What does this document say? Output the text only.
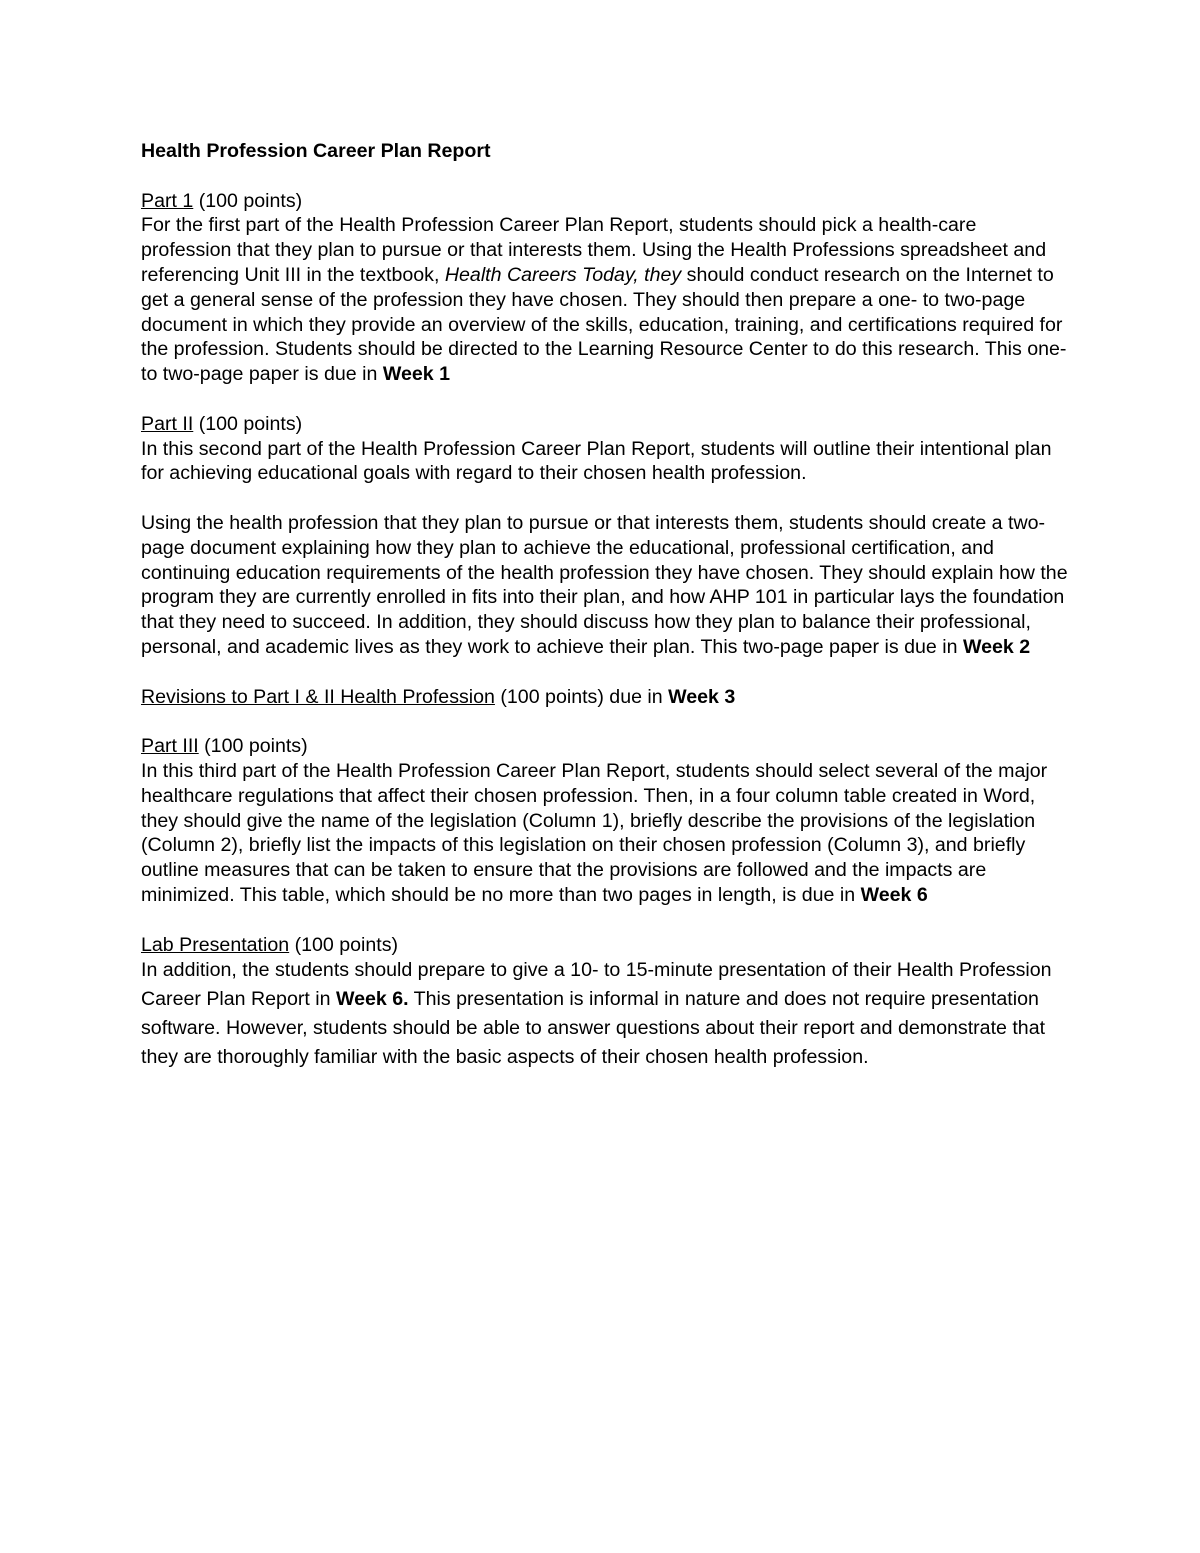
Health Profession Career Plan Report

Part 1 (100 points)

For the first part of the Health Profession Career Plan Report, students should pick a health-care profession that they plan to pursue or that interests them. Using the Health Professions spreadsheet and referencing Unit III in the textbook, Health Careers Today, they should conduct research on the Internet to get a general sense of the profession they have chosen. They should then prepare a one- to two-page document in which they provide an overview of the skills, education, training, and certifications required for the profession. Students should be directed to the Learning Resource Center to do this research. This one- to two-page paper is due in Week 1

Part II (100 points)

In this second part of the Health Profession Career Plan Report, students will outline their intentional plan for achieving educational goals with regard to their chosen health profession.

Using the health profession that they plan to pursue or that interests them, students should create a two-page document explaining how they plan to achieve the educational, professional certification, and continuing education requirements of the health profession they have chosen. They should explain how the program they are currently enrolled in fits into their plan, and how AHP 101 in particular lays the foundation that they need to succeed. In addition, they should discuss how they plan to balance their professional, personal, and academic lives as they work to achieve their plan. This two-page paper is due in Week 2

Revisions to Part I & II Health Profession (100 points) due in Week 3

Part III (100 points)

In this third part of the Health Profession Career Plan Report, students should select several of the major healthcare regulations that affect their chosen profession. Then, in a four column table created in Word, they should give the name of the legislation (Column 1), briefly describe the provisions of the legislation (Column 2), briefly list the impacts of this legislation on their chosen profession (Column 3), and briefly outline measures that can be taken to ensure that the provisions are followed and the impacts are minimized. This table, which should be no more than two pages in length, is due in Week 6

Lab Presentation (100 points)

In addition, the students should prepare to give a 10- to 15-minute presentation of their Health Profession Career Plan Report in Week 6. This presentation is informal in nature and does not require presentation software. However, students should be able to answer questions about their report and demonstrate that they are thoroughly familiar with the basic aspects of their chosen health profession.
